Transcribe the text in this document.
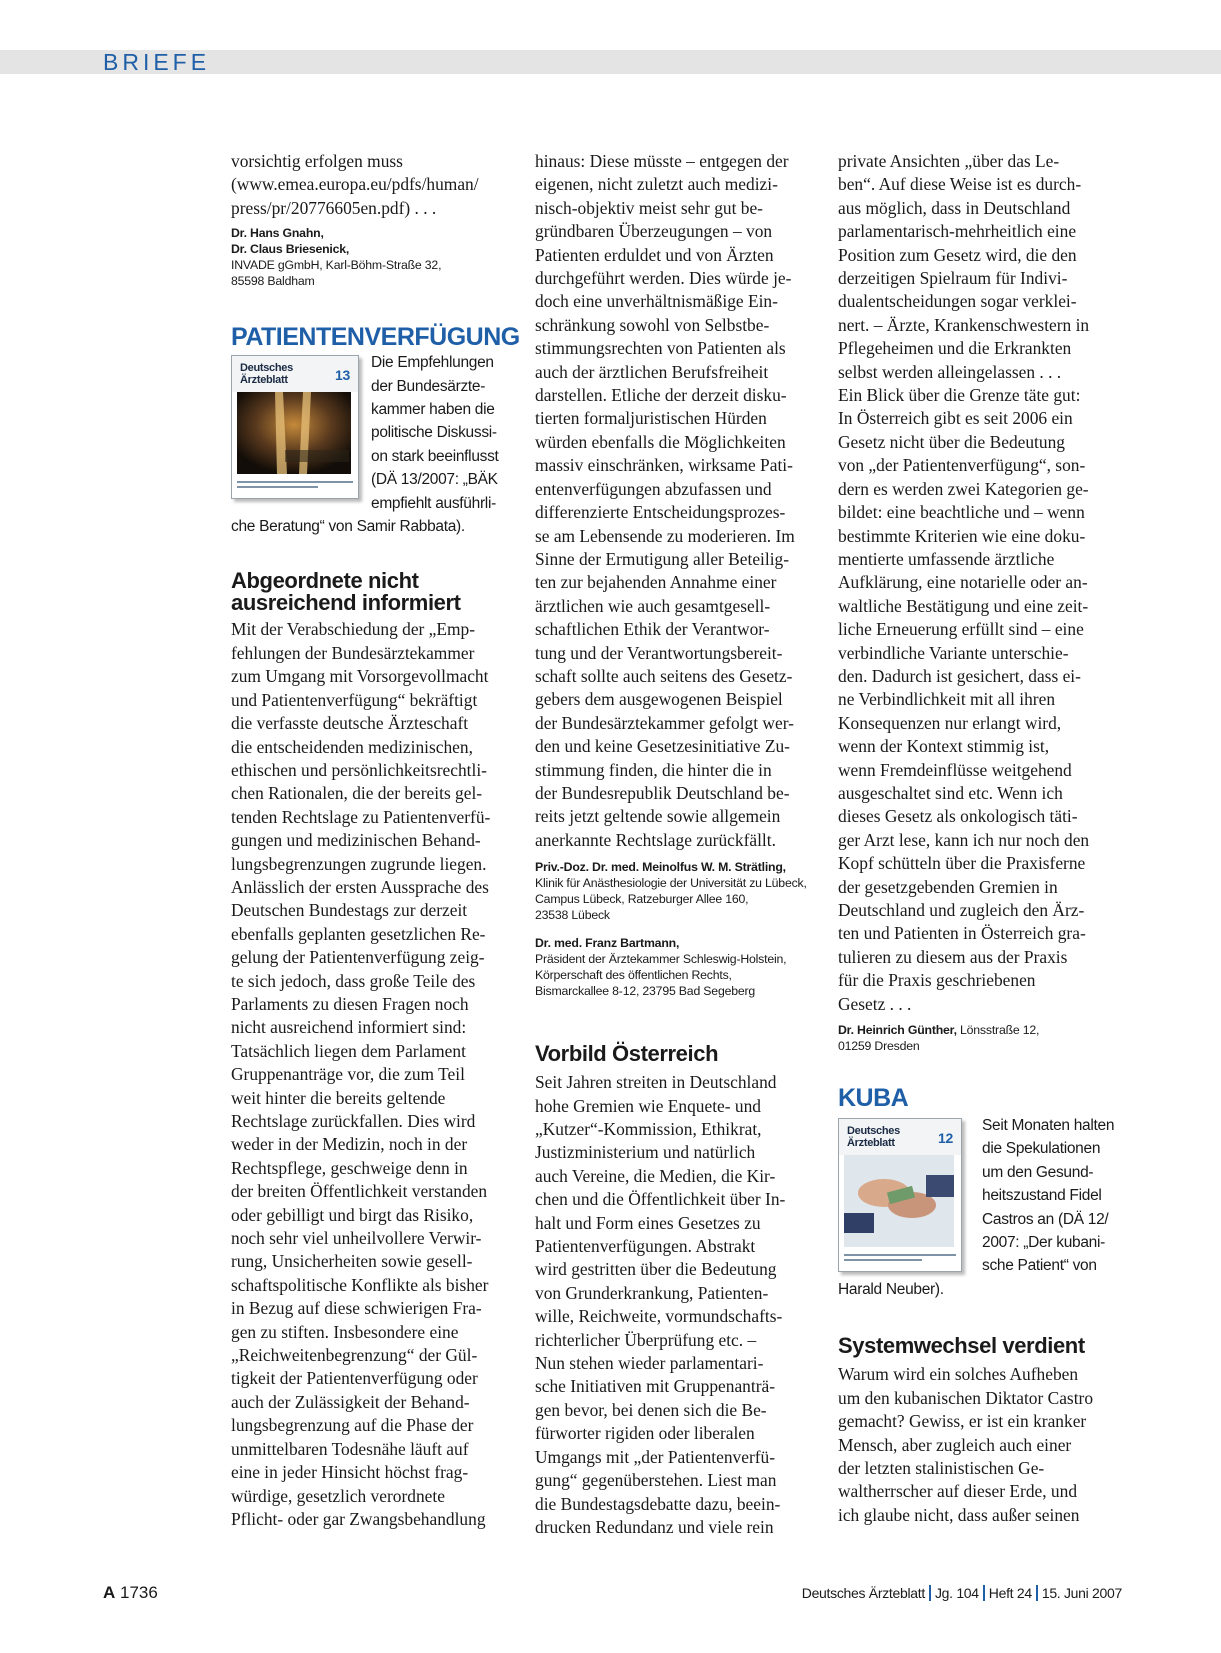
BRIEFE
vorsichtig erfolgen muss
(www.emea.europa.eu/pdfs/human/
press/pr/20776605en.pdf) . . .
Dr. Hans Gnahn,
Dr. Claus Briesenick,
INVADE gGmbH, Karl-Böhm-Straße 32,
85598 Baldham
PATIENTENVERFÜGUNG
Deutsches
Ärzteblatt	13
Die Empfehlungen
der Bundesärzte-
kammer haben die
politische Diskussi-
on stark beeinflusst
(DÄ 13/2007: „BÄK
empfiehlt ausführli-
che Beratung“ von Samir Rabbata).
Abgeordnete nicht
ausreichend informiert
Mit der Verabschiedung der „Emp-
fehlungen der Bundesärztekammer
zum Umgang mit Vorsorgevollmacht
und Patientenverfügung“ bekräftigt
die verfasste deutsche Ärzteschaft
die entscheidenden medizinischen,
ethischen und persönlichkeitsrechtli-
chen Rationalen, die der bereits gel-
tenden Rechtslage zu Patientenverfü-
gungen und medizinischen Behand-
lungsbegrenzungen zugrunde liegen.
Anlässlich der ersten Aussprache des
Deutschen Bundestags zur derzeit
ebenfalls geplanten gesetzlichen Re-
gelung der Patientenverfügung zeig-
te sich jedoch, dass große Teile des
Parlaments zu diesen Fragen noch
nicht ausreichend informiert sind:
Tatsächlich liegen dem Parlament
Gruppenanträge vor, die zum Teil
weit hinter die bereits geltende
Rechtslage zurückfallen. Dies wird
weder in der Medizin, noch in der
Rechtspflege, geschweige denn in
der breiten Öffentlichkeit verstanden
oder gebilligt und birgt das Risiko,
noch sehr viel unheilvollere Verwir-
rung, Unsicherheiten sowie gesell-
schaftspolitische Konflikte als bisher
in Bezug auf diese schwierigen Fra-
gen zu stiften. Insbesondere eine
„Reichweitenbegrenzung“ der Gül-
tigkeit der Patientenverfügung oder
auch der Zulässigkeit der Behand-
lungsbegrenzung auf die Phase der
unmittelbaren Todesnähe läuft auf
eine in jeder Hinsicht höchst frag-
würdige, gesetzlich verordnete
Pflicht- oder gar Zwangsbehandlung
hinaus: Diese müsste – entgegen der
eigenen, nicht zuletzt auch medizi-
nisch-objektiv meist sehr gut be-
gründbaren Überzeugungen – von
Patienten erduldet und von Ärzten
durchgeführt werden. Dies würde je-
doch eine unverhältnismäßige Ein-
schränkung sowohl von Selbstbe-
stimmungsrechten von Patienten als
auch der ärztlichen Berufsfreiheit
darstellen. Etliche der derzeit disku-
tierten formaljuristischen Hürden
würden ebenfalls die Möglichkeiten
massiv einschränken, wirksame Pati-
entenverfügungen abzufassen und
differenzierte Entscheidungsprozes-
se am Lebensende zu moderieren. Im
Sinne der Ermutigung aller Beteilig-
ten zur bejahenden Annahme einer
ärztlichen wie auch gesamtgesell-
schaftlichen Ethik der Verantwor-
tung und der Verantwortungsbereit-
schaft sollte auch seitens des Gesetz-
gebers dem ausgewogenen Beispiel
der Bundesärztekammer gefolgt wer-
den und keine Gesetzesinitiative Zu-
stimmung finden, die hinter die in
der Bundesrepublik Deutschland be-
reits jetzt geltende sowie allgemein
anerkannte Rechtslage zurückfällt.
Priv.-Doz. Dr. med. Meinolfus W. M. Strätling,
Klinik für Anästhesiologie der Universität zu Lübeck,
Campus Lübeck, Ratzeburger Allee 160,
23538 Lübeck
Dr. med. Franz Bartmann,
Präsident der Ärztekammer Schleswig-Holstein,
Körperschaft des öffentlichen Rechts,
Bismarckallee 8-12, 23795 Bad Segeberg
Vorbild Österreich
Seit Jahren streiten in Deutschland
hohe Gremien wie Enquete- und
„Kutzer“-Kommission, Ethikrat,
Justizministerium und natürlich
auch Vereine, die Medien, die Kir-
chen und die Öffentlichkeit über In-
halt und Form eines Gesetzes zu
Patientenverfügungen. Abstrakt
wird gestritten über die Bedeutung
von Grunderkrankung, Patienten-
wille, Reichweite, vormundschafts-
richterlicher Überprüfung etc. –
Nun stehen wieder parlamentari-
sche Initiativen mit Gruppenanträ-
gen bevor, bei denen sich die Be-
fürworter rigiden oder liberalen
Umgangs mit „der Patientenverfü-
gung“ gegenüberstehen. Liest man
die Bundestagsdebatte dazu, beein-
drucken Redundanz und viele rein
private Ansichten „über das Le-
ben“. Auf diese Weise ist es durch-
aus möglich, dass in Deutschland
parlamentarisch-mehrheitlich eine
Position zum Gesetz wird, die den
derzeitigen Spielraum für Indivi-
dualentscheidungen sogar verklei-
nert. – Ärzte, Krankenschwestern in
Pflegeheimen und die Erkrankten
selbst werden alleingelassen . . .
Ein Blick über die Grenze täte gut:
In Österreich gibt es seit 2006 ein
Gesetz nicht über die Bedeutung
von „der Patientenverfügung“, son-
dern es werden zwei Kategorien ge-
bildet: eine beachtliche und – wenn
bestimmte Kriterien wie eine doku-
mentierte umfassende ärztliche
Aufklärung, eine notarielle oder an-
waltliche Bestätigung und eine zeit-
liche Erneuerung erfüllt sind – eine
verbindliche Variante unterschie-
den. Dadurch ist gesichert, dass ei-
ne Verbindlichkeit mit all ihren
Konsequenzen nur erlangt wird,
wenn der Kontext stimmig ist,
wenn Fremdeinflüsse weitgehend
ausgeschaltet sind etc. Wenn ich
dieses Gesetz als onkologisch täti-
ger Arzt lese, kann ich nur noch den
Kopf schütteln über die Praxisferne
der gesetzgebenden Gremien in
Deutschland und zugleich den Ärz-
ten und Patienten in Österreich gra-
tulieren zu diesem aus der Praxis
für die Praxis geschriebenen
Gesetz . . .
Dr. Heinrich Günther, Lönsstraße 12,
01259 Dresden
KUBA
Deutsches
Ärzteblatt	12
Seit Monaten halten
die Spekulationen
um den Gesund-
heitszustand Fidel
Castros an (DÄ 12/
2007: „Der kubani-
sche Patient“ von
Harald Neuber).
Systemwechsel verdient
Warum wird ein solches Aufheben
um den kubanischen Diktator Castro
gemacht? Gewiss, er ist ein kranker
Mensch, aber zugleich auch einer
der letzten stalinistischen Ge-
waltherrscher auf dieser Erde, und
ich glaube nicht, dass außer seinen
A 1736	Deutsches Ärzteblatt Jg. 104 Heft 24 15. Juni 2007
